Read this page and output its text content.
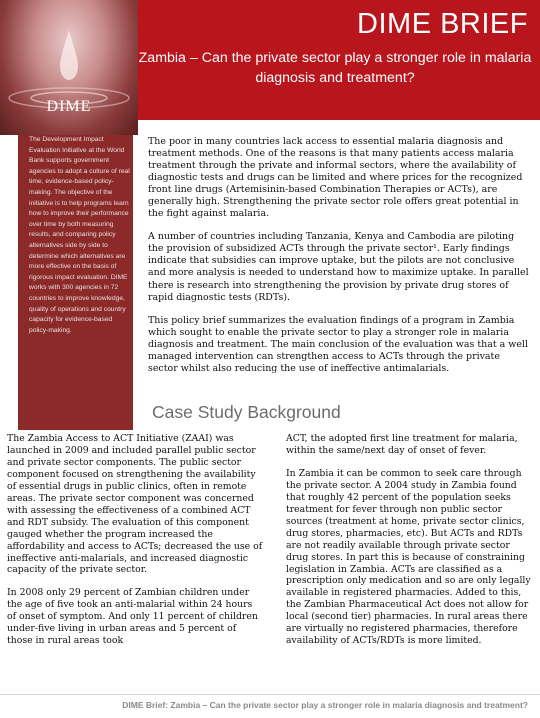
DIME
DIME BRIEF

Zambia – Can the private sector play a stronger role in malaria diagnosis and treatment?

The Development Impact Evaluation Initiative at the World Bank supports government agencies to adopt a culture of real time, evidence-based policy-making. The objective of the initiative is to help programs learn how to improve their performance over time by both measuring results, and comparing policy alternatives side by side to determine which alternatives are more effective on the basis of rigorous impact evaluation. DIME works with 300 agencies in 72 countries to improve knowledge, quality of operations and country capacity for evidence-based policy-making.

The poor in many countries lack access to essential malaria diagnosis and treatment methods. One of the reasons is that many patients access malaria treatment through the private and informal sectors, where the availability of diagnostic tests and drugs can be limited and where prices for the recognized front line drugs (Artemisinin-based Combination Therapies or ACTs), are generally high. Strengthening the private sector role offers great potential in the fight against malaria.

A number of countries including Tanzania, Kenya and Cambodia are piloting the provision of subsidized ACTs through the private sector¹. Early findings indicate that subsidies can improve uptake, but the pilots are not conclusive and more analysis is needed to understand how to maximize uptake. In parallel there is research into strengthening the provision by private drug stores of rapid diagnostic tests (RDTs).

This policy brief summarizes the evaluation findings of a program in Zambia which sought to enable the private sector to play a stronger role in malaria diagnosis and treatment. The main conclusion of the evaluation was that a well managed intervention can strengthen access to ACTs through the private sector whilst also reducing the use of ineffective antimalarials.

Case Study Background

The Zambia Access to ACT Initiative (ZAAI) was launched in 2009 and included parallel public sector and private sector components. The public sector component focused on strengthening the availability of essential drugs in public clinics, often in remote areas. The private sector component was concerned with assessing the effectiveness of a combined ACT and RDT subsidy. The evaluation of this component gauged whether the program increased the affordability and access to ACTs; decreased the use of ineffective anti-malarials, and increased diagnostic capacity of the private sector.

In 2008 only 29 percent of Zambian children under the age of five took an anti-malarial within 24 hours of onset of symptom. And only 11 percent of children under-five living in urban areas and 5 percent of those in rural areas took

ACT, the adopted first line treatment for malaria, within the same/next day of onset of fever.

In Zambia it can be common to seek care through the private sector. A 2004 study in Zambia found that roughly 42 percent of the population seeks treatment for fever through non public sector sources (treatment at home, private sector clinics, drug stores, pharmacies, etc). But ACTs and RDTs are not readily available through private sector drug stores. In part this is because of constraining legislation in Zambia. ACTs are classified as a prescription only medication and so are only legally available in registered pharmacies. Added to this, the Zambian Pharmaceutical Act does not allow for local (second tier) pharmacies. In rural areas there are virtually no registered pharmacies, therefore availability of ACTs/RDTs is more limited.

DIME Brief: Zambia – Can the private sector play a stronger role in malaria diagnosis and treatment?
